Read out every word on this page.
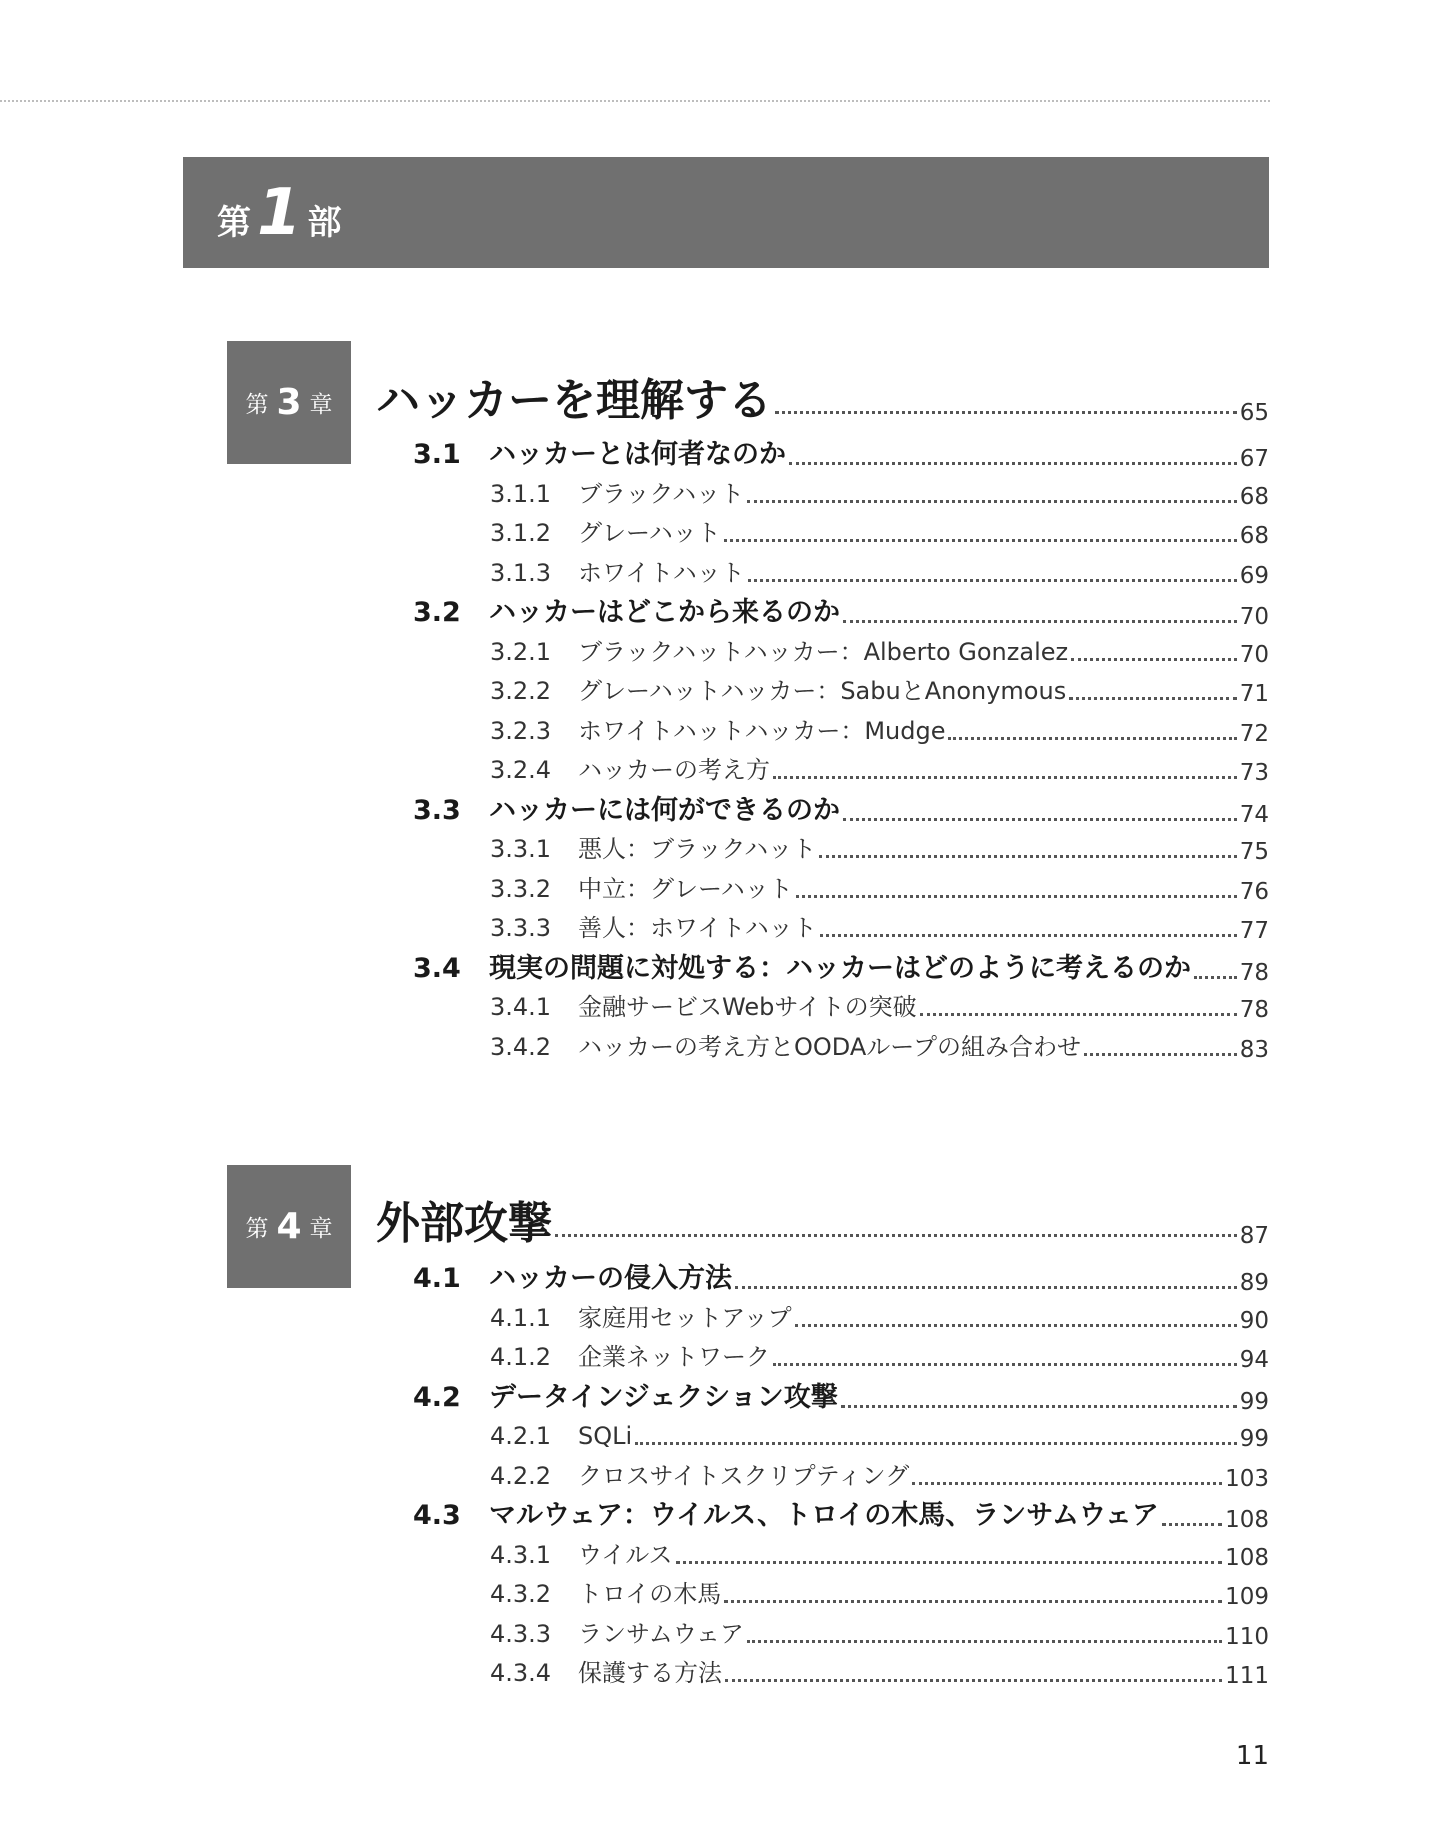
第 1 部
第 3 章 ハッカーを理解する	65
3.1	ハッカーとは何者なのか	67
3.1.1	ブラックハット	68
3.1.2	グレーハット	68
3.1.3	ホワイトハット	69
3.2	ハッカーはどこから来るのか	70
3.2.1	ブラックハットハッカー：Alberto Gonzalez	70
3.2.2	グレーハットハッカー：SabuとAnonymous	71
3.2.3	ホワイトハットハッカー：Mudge	72
3.2.4	ハッカーの考え方	73
3.3	ハッカーには何ができるのか	74
3.3.1	悪人：ブラックハット	75
3.3.2	中立：グレーハット	76
3.3.3	善人：ホワイトハット	77
3.4	現実の問題に対処する：ハッカーはどのように考えるのか 78
3.4.1	金融サービスWebサイトの突破	78
3.4.2	ハッカーの考え方とOODAループの組み合わせ	83
第 4 章 外部攻撃	87
4.1	ハッカーの侵入方法	89
4.1.1	家庭用セットアップ	90
4.1.2	企業ネットワーク	94
4.2	データインジェクション攻撃	99
4.2.1	SQLi	99
4.2.2	クロスサイトスクリプティング	103
4.3	マルウェア：ウイルス、トロイの木馬、ランサムウェア	108
4.3.1	ウイルス	108
4.3.2	トロイの木馬	109
4.3.3	ランサムウェア	110
4.3.4	保護する方法	111
11
